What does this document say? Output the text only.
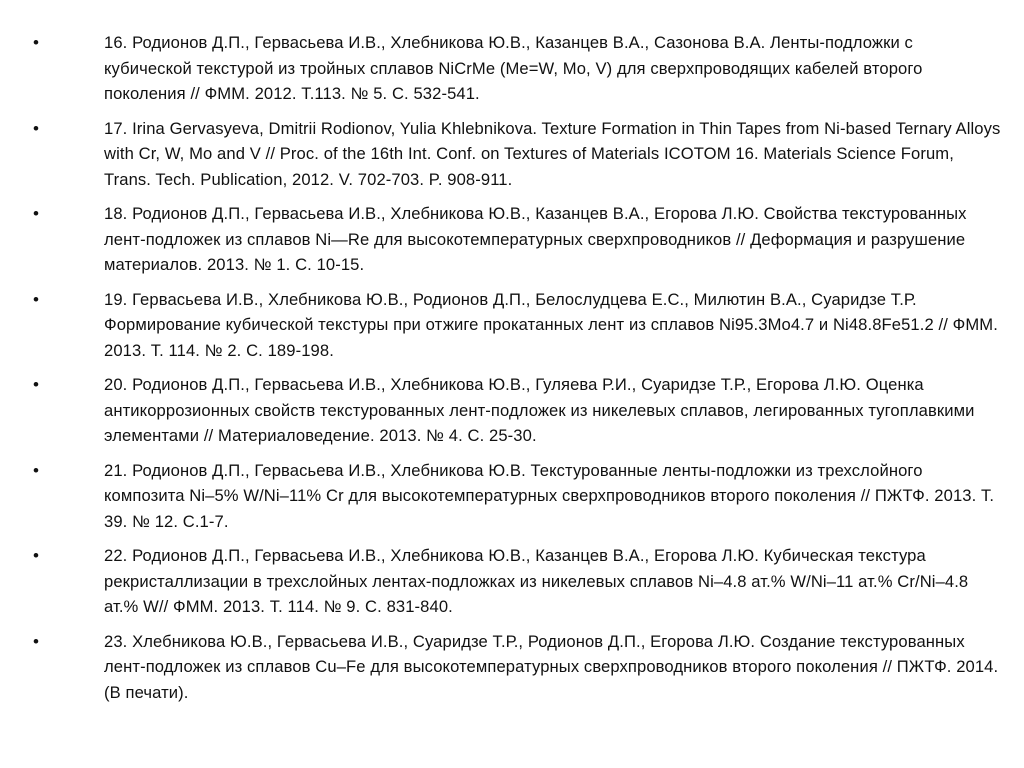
•	16. Родионов Д.П., Гервасьева И.В., Хлебникова Ю.В., Казанцев В.А., Сазонова В.А. Ленты-подложки с кубической текстурой из тройных сплавов NiCrMe (Me=W, Mo, V) для сверхпроводящих кабелей второго поколения // ФММ. 2012. Т.113. № 5. С. 532-541.
•	17. Irina Gervasyeva, Dmitrii Rodionov, Yulia Khlebnikova. Texture Formation in Thin Tapes from Ni-based Ternary Alloys with Cr, W, Mo and V // Proc. of the 16th Int. Conf. on Textures of Materials ICOTOM 16. Materials Science Forum, Trans. Tech. Publication, 2012. V. 702-703. P. 908-911.
•	18. Родионов Д.П., Гервасьева И.В., Хлебникова Ю.В., Казанцев В.А., Егорова Л.Ю. Свойства текстурованных лент-подложек из сплавов Ni—Re для высокотемпературных сверхпроводников // Деформация и разрушение материалов. 2013. № 1. С. 10-15.
•	19. Гервасьева И.В., Хлебникова Ю.В., Родионов Д.П., Белослудцева Е.С., Милютин В.А., Суаридзе Т.Р. Формирование кубической текстуры при отжиге прокатанных лент из сплавов Ni95.3Mo4.7 и Ni48.8Fe51.2 // ФММ. 2013. Т. 114. № 2. С. 189-198.
•	20. Родионов Д.П., Гервасьева И.В., Хлебникова Ю.В., Гуляева Р.И., Суаридзе Т.Р., Егорова Л.Ю. Оценка антикоррозионных свойств текстурованных лент-подложек из никелевых сплавов, легированных тугоплавкими элементами // Материаловедение. 2013. № 4. С. 25-30.
•	21. Родионов Д.П., Гервасьева И.В., Хлебникова Ю.В. Текстурованные ленты-подложки из трехслойного композита Ni–5% W/Ni–11% Cr для высокотемпературных сверхпроводников второго поколения // ПЖТФ. 2013. Т. 39. № 12. С.1-7.
•	22. Родионов Д.П., Гервасьева И.В., Хлебникова Ю.В., Казанцев В.А., Егорова Л.Ю. Кубическая текстура рекристаллизации в трехслойных лентах-подложках из никелевых сплавов Ni–4.8 ат.% W/Ni–11 ат.% Cr/Ni–4.8 ат.% W// ФММ. 2013. Т. 114. № 9. С. 831-840.
•	23. Хлебникова Ю.В., Гервасьева И.В., Суаридзе Т.Р., Родионов Д.П., Егорова Л.Ю. Создание текстурованных лент-подложек из сплавов Cu–Fe для высокотемпературных сверхпроводников второго поколения // ПЖТФ. 2014. (В печати).
